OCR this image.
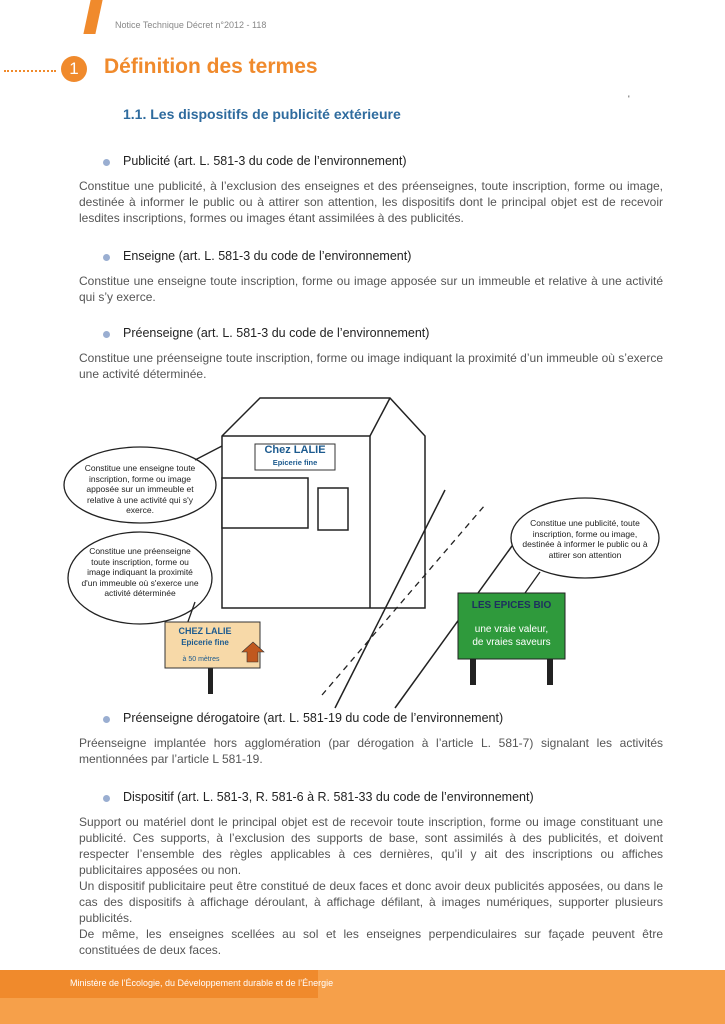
Notice Technique Décret n°2012 - 118
1	Définition des termes
1.1. Les dispositifs de publicité extérieure
'
Publicité (art. L. 581-3 du code de l’environnement)
Constitue une publicité, à l’exclusion des enseignes et des préenseignes, toute inscription, forme ou image, destinée à informer le public ou à attirer son attention, les dispositifs dont le principal objet est de recevoir lesdites inscriptions, formes ou images étant assimilées à des publicités.
Enseigne (art. L. 581-3 du code de l’environnement)
Constitue une enseigne toute inscription, forme ou image apposée sur un immeuble et relative à une activité qui s’y exerce.
Préenseigne (art. L. 581-3 du code de l’environnement)
Constitue une préenseigne toute inscription, forme ou image indiquant la proximité d’un immeuble où s’exerce une activité déterminée.
Chez LALIE
Epicerie fine
Constitue une enseigne toute inscription, forme ou image apposée sur un immeuble et relative à une activité qui s'y exerce.
Constitue une préenseigne toute inscription, forme ou image indiquant la proximité d'un immeuble où s'exerce une activité déterminée
Constitue une publicité, toute inscription, forme ou image, destinée à informer le public ou à attirer son attention
CHEZ LALIE
Epicerie fine
à 50 mètres
LES EPICES BIO
une vraie valeur,
de vraies saveurs
Préenseigne dérogatoire (art. L. 581-19 du code de l’environnement)
Préenseigne implantée hors agglomération (par dérogation à l’article L. 581-7) signalant les activités mentionnées par l’article L 581-19.
Dispositif (art. L. 581-3, R. 581-6 à R. 581-33 du code de l’environnement)
Support ou matériel dont le principal objet est de recevoir toute inscription, forme ou image constituant une publicité. Ces supports, à l’exclusion des supports de base, sont assimilés à des publicités, et doivent respecter l’ensemble des règles applicables à ces dernières, qu’il y ait des inscriptions ou affiches publicitaires apposées ou non.
Un dispositif publicitaire peut être constitué de deux faces et donc avoir deux publicités apposées, ou dans le cas des dispositifs à affichage déroulant, à affichage défilant, à images numériques, supporter plusieurs publicités.
De même, les enseignes scellées au sol et les enseignes perpendiculaires sur façade peuvent être constituées de deux faces.
Ministère de l’Écologie, du Développement durable et de l’Énergie
